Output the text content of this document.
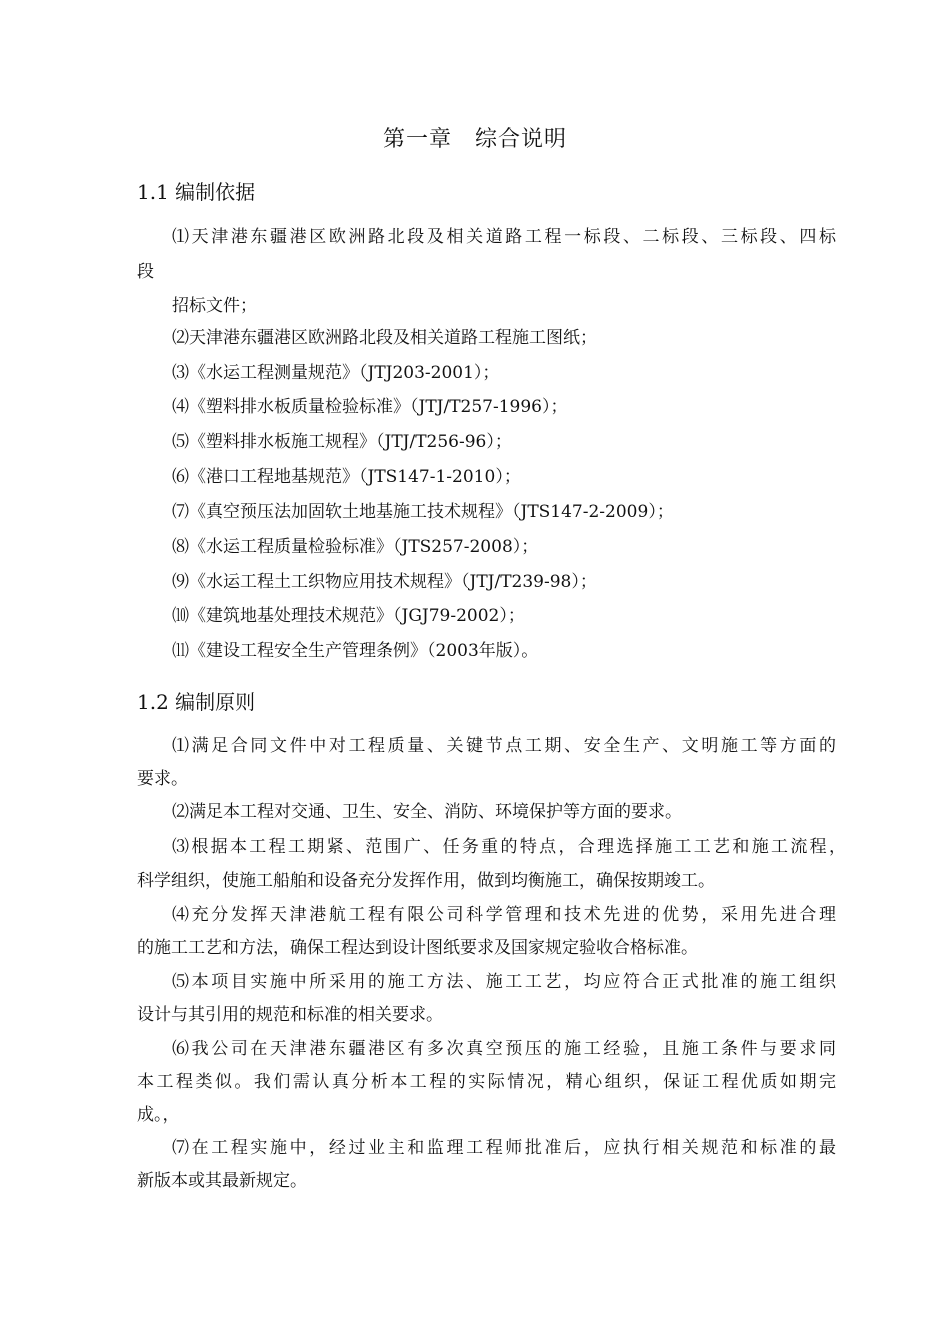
第一章　综合说明
1.1 编制依据
⑴天津港东疆港区欧洲路北段及相关道路工程一标段、二标段、三标段、四标
段
招标文件；
⑵天津港东疆港区欧洲路北段及相关道路工程施工图纸；
⑶《水运工程测量规范》（JTJ203-2001）；
⑷《塑料排水板质量检验标准》（JTJ/T257-1996）；
⑸《塑料排水板施工规程》（JTJ/T256-96）；
⑹《港口工程地基规范》（JTS147-1-2010）；
⑺《真空预压法加固软土地基施工技术规程》（JTS147-2-2009）；
⑻《水运工程质量检验标准》（JTS257-2008）；
⑼《水运工程土工织物应用技术规程》（JTJ/T239-98）；
⑽《建筑地基处理技术规范》（JGJ79-2002）；
⑾《建设工程安全生产管理条例》（2003年版）。
1.2 编制原则
⑴满足合同文件中对工程质量、关键节点工期、安全生产、文明施工等方面的
要求。
⑵满足本工程对交通、卫生、安全、消防、环境保护等方面的要求。
⑶根据本工程工期紧、范围广、任务重的特点，合理选择施工工艺和施工流程，
科学组织，使施工船舶和设备充分发挥作用，做到均衡施工，确保按期竣工。
⑷充分发挥天津港航工程有限公司科学管理和技术先进的优势，采用先进合理
的施工工艺和方法，确保工程达到设计图纸要求及国家规定验收合格标准。
⑸本项目实施中所采用的施工方法、施工工艺，均应符合正式批准的施工组织
设计与其引用的规范和标准的相关要求。
⑹我公司在天津港东疆港区有多次真空预压的施工经验，且施工条件与要求同
本工程类似。我们需认真分析本工程的实际情况，精心组织，保证工程优质如期完
成。，
⑺在工程实施中，经过业主和监理工程师批准后，应执行相关规范和标准的最
新版本或其最新规定。
